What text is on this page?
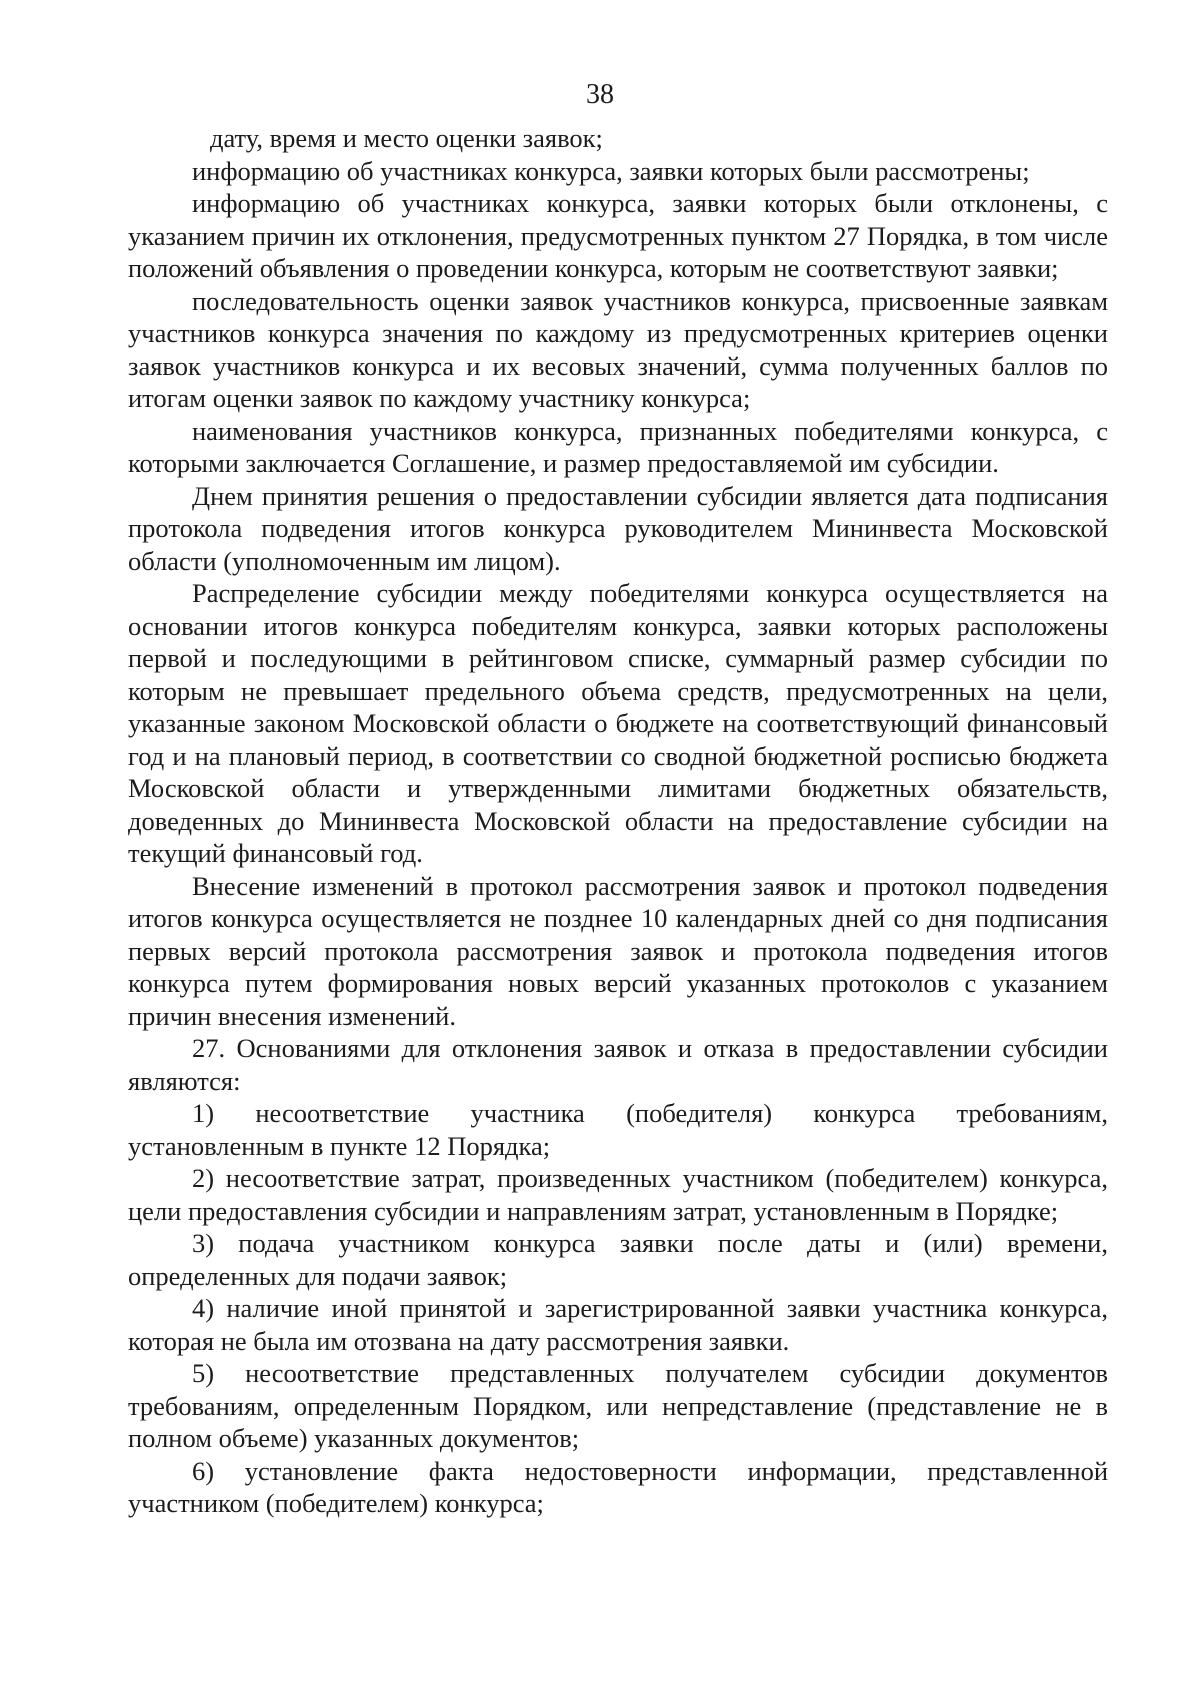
38

дату, время и место оценки заявок;

информацию об участниках конкурса, заявки которых были рассмотрены;

информацию об участниках конкурса, заявки которых были отклонены, с указанием причин их отклонения, предусмотренных пунктом 27 Порядка, в том числе положений объявления о проведении конкурса, которым не соответствуют заявки;

последовательность оценки заявок участников конкурса, присвоенные заявкам участников конкурса значения по каждому из предусмотренных критериев оценки заявок участников конкурса и их весовых значений, сумма полученных баллов по итогам оценки заявок по каждому участнику конкурса;

наименования участников конкурса, признанных победителями конкурса, с которыми заключается Соглашение, и размер предоставляемой им субсидии.

Днем принятия решения о предоставлении субсидии является дата подписания протокола подведения итогов конкурса руководителем Мининвеста Московской области (уполномоченным им лицом).

Распределение субсидии между победителями конкурса осуществляется на основании итогов конкурса победителям конкурса, заявки которых расположены первой и последующими в рейтинговом списке, суммарный размер субсидии по которым не превышает предельного объема средств, предусмотренных на цели, указанные законом Московской области о бюджете на соответствующий финансовый год и на плановый период, в соответствии со сводной бюджетной росписью бюджета Московской области и утвержденными лимитами бюджетных обязательств, доведенных до Мининвеста Московской области на предоставление субсидии на текущий финансовый год.

Внесение изменений в протокол рассмотрения заявок и протокол подведения итогов конкурса осуществляется не позднее 10 календарных дней со дня подписания первых версий протокола рассмотрения заявок и протокола подведения итогов конкурса путем формирования новых версий указанных протоколов с указанием причин внесения изменений.

27. Основаниями для отклонения заявок и отказа в предоставлении субсидии являются:

1) несоответствие участника (победителя) конкурса требованиям, установленным в пункте 12 Порядка;

2) несоответствие затрат, произведенных участником (победителем) конкурса, цели предоставления субсидии и направлениям затрат, установленным в Порядке;

3) подача участником конкурса заявки после даты и (или) времени, определенных для подачи заявок;

4) наличие иной принятой и зарегистрированной заявки участника конкурса, которая не была им отозвана на дату рассмотрения заявки.

5) несоответствие представленных получателем субсидии документов требованиям, определенным Порядком, или непредставление (представление не в полном объеме) указанных документов;

6) установление факта недостоверности информации, представленной участником (победителем) конкурса;
